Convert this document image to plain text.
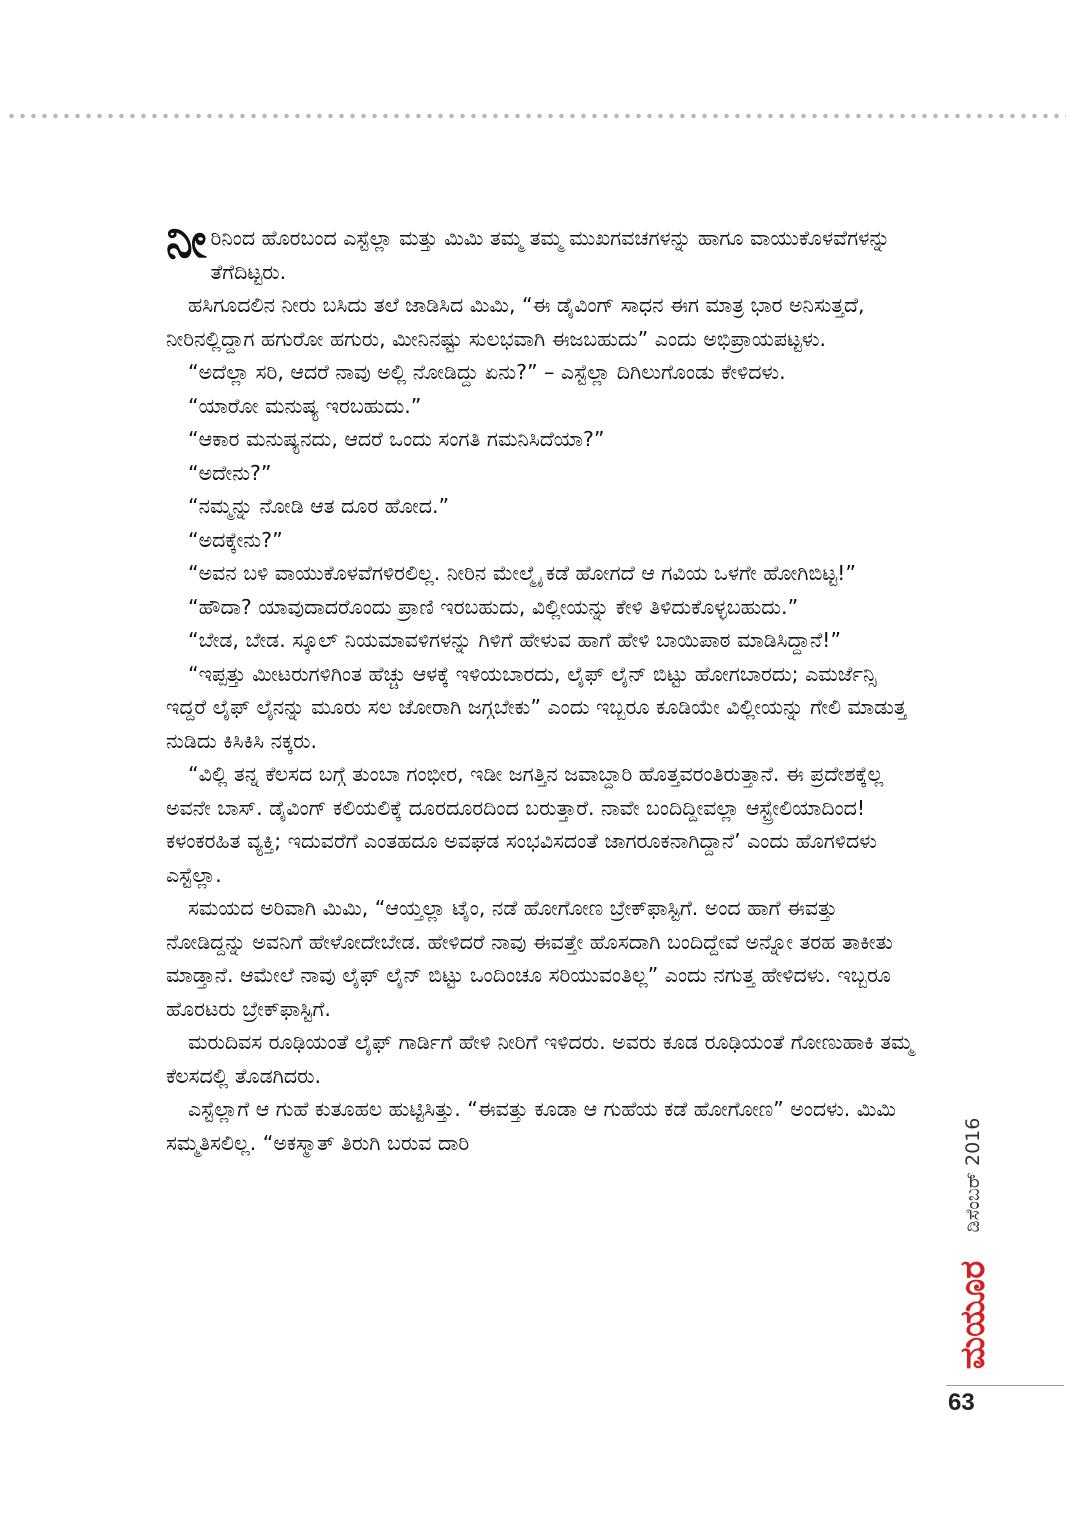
ನೀರಿನಿಂದ ಹೊರಬಂದ ಎಸ್ಟೆಲ್ಲಾ ಮತ್ತು ಮಿಮಿ ತಮ್ಮ ತಮ್ಮ ಮುಖಗವಚಗಳನ್ನು ಹಾಗೂ ವಾಯುಕೊಳವೆಗಳನ್ನು ತೆಗೆದಿಟ್ಟರು.

ಹಸಿಗೂದಲಿನ ನೀರು ಬಸಿದು ತಲೆ ಜಾಡಿಸಿದ ಮಿಮಿ, “ಈ ಡೈವಿಂಗ್ ಸಾಧನ ಈಗ ಮಾತ್ರ ಭಾರ ಅನಿಸುತ್ತದೆ, ನೀರಿನಲ್ಲಿದ್ದಾಗ ಹಗುರೋ ಹಗುರು, ಮೀನಿನಷ್ಟು ಸುಲಭವಾಗಿ ಈಜಬಹುದು” ಎಂದು ಅಭಿಪ್ರಾಯಪಟ್ಟಳು.

“ಅದೆಲ್ಲಾ ಸರಿ, ಆದರೆ ನಾವು ಅಲ್ಲಿ ನೋಡಿದ್ದು ಏನು?” – ಎಸ್ಟೆಲ್ಲಾ ದಿಗಿಲುಗೊಂಡು ಕೇಳಿದಳು.

“ಯಾರೋ ಮನುಷ್ಯ ಇರಬಹುದು.”

“ಆಕಾರ ಮನುಷ್ಯನದು, ಆದರೆ ಒಂದು ಸಂಗತಿ ಗಮನಿಸಿದೆಯಾ?”

“ಅದೇನು?”

“ನಮ್ಮನ್ನು ನೋಡಿ ಆತ ದೂರ ಹೋದ.”

“ಅದಕ್ಕೇನು?”

“ಅವನ ಬಳಿ ವಾಯುಕೊಳವೆಗಳಿರಲಿಲ್ಲ. ನೀರಿನ ಮೇಲ್ಮೈ ಕಡೆ ಹೋಗದೆ ಆ ಗವಿಯ ಒಳಗೇ ಹೋಗಿಬಿಟ್ಟ!”

“ಹೌದಾ? ಯಾವುದಾದರೊಂದು ಪ್ರಾಣಿ ಇರಬಹುದು, ವಿಲ್ಲೀಯನ್ನು ಕೇಳಿ ತಿಳಿದುಕೊಳ್ಳಬಹುದು.”

“ಬೇಡ, ಬೇಡ. ಸ್ಕೂಲ್ ನಿಯಮಾವಳಿಗಳನ್ನು ಗಿಳಿಗೆ ಹೇಳುವ ಹಾಗೆ ಹೇಳಿ ಬಾಯಿಪಾಠ ಮಾಡಿಸಿದ್ದಾನೆ!”

“ಇಪ್ಪತ್ತು ಮೀಟರುಗಳಿಗಿಂತ ಹೆಚ್ಚು ಆಳಕ್ಕೆ ಇಳಿಯಬಾರದು, ಲೈಫ್ ಲೈನ್ ಬಿಟ್ಟು ಹೋಗಬಾರದು; ಎಮರ್ಜೆನ್ಸಿ ಇದ್ದರೆ ಲೈಫ್ ಲೈನನ್ನು ಮೂರು ಸಲ ಜೋರಾಗಿ ಜಗ್ಗಬೇಕು” ಎಂದು ಇಬ್ಬರೂ ಕೂಡಿಯೇ ವಿಲ್ಲೀಯನ್ನು ಗೇಲಿ ಮಾಡುತ್ತ ನುಡಿದು ಕಿಸಿಕಿಸಿ ನಕ್ಕರು.

“ವಿಲ್ಲಿ ತನ್ನ ಕೆಲಸದ ಬಗ್ಗೆ ತುಂಬಾ ಗಂಭೀರ, ಇಡೀ ಜಗತ್ತಿನ ಜವಾಬ್ದಾರಿ ಹೊತ್ತವರಂತಿರುತ್ತಾನೆ. ಈ ಪ್ರದೇಶಕ್ಕೆಲ್ಲ ಅವನೇ ಬಾಸ್. ಡೈವಿಂಗ್ ಕಲಿಯಲಿಕ್ಕೆ ದೂರದೂರದಿಂದ ಬರುತ್ತಾರೆ. ನಾವೇ ಬಂದಿದ್ದೀವಲ್ಲಾ ಆಸ್ಟ್ರೇಲಿಯಾದಿಂದ! ಕಳಂಕರಹಿತ ವ್ಯಕ್ತಿ; ಇದುವರೆಗೆ ಎಂತಹದೂ ಅವಘಡ ಸಂಭವಿಸದಂತೆ ಜಾಗರೂಕನಾಗಿದ್ದಾನೆ’ ಎಂದು ಹೊಗಳಿದಳು ಎಸ್ಟೆಲ್ಲಾ.

ಸಮಯದ ಅರಿವಾಗಿ ಮಿಮಿ, “ಆಯ್ತಲ್ಲಾ ಟೈಂ, ನಡೆ ಹೋಗೋಣ ಬ್ರೇಕ್‌ಫಾಸ್ಟಿಗೆ. ಅಂದ ಹಾಗೆ ಈವತ್ತು ನೋಡಿದ್ದನ್ನು ಅವನಿಗೆ ಹೇಳೋದೇಬೇಡ. ಹೇಳಿದರೆ ನಾವು ಈವತ್ತೇ ಹೊಸದಾಗಿ ಬಂದಿದ್ದೇವೆ ಅನ್ನೋ ತರಹ ತಾಕೀತು ಮಾಡ್ತಾನೆ. ಆಮೇಲೆ ನಾವು ಲೈಫ್ ಲೈನ್ ಬಿಟ್ಟು ಒಂದಿಂಚೂ ಸರಿಯುವಂತಿಲ್ಲ” ಎಂದು ನಗುತ್ತ ಹೇಳಿದಳು. ಇಬ್ಬರೂ ಹೊರಟರು ಬ್ರೇಕ್‌ಫಾಸ್ಟಿಗೆ.

ಮರುದಿವಸ ರೂಢಿಯಂತೆ ಲೈಫ್ ಗಾರ್ಡಿಗೆ ಹೇಳಿ ನೀರಿಗೆ ಇಳಿದರು. ಅವರು ಕೂಡ ರೂಢಿಯಂತೆ ಗೋಣುಹಾಕಿ ತಮ್ಮ ಕೆಲಸದಲ್ಲಿ ತೊಡಗಿದರು.

ಎಸ್ಟೆಲ್ಲಾಗೆ ಆ ಗುಹೆ ಕುತೂಹಲ ಹುಟ್ಟಿಸಿತ್ತು. “ಈವತ್ತು ಕೂಡಾ ಆ ಗುಹೆಯ ಕಡೆ ಹೋಗೋಣ” ಅಂದಳು. ಮಿಮಿ ಸಮ್ಮತಿಸಲಿಲ್ಲ. “ಅಕಸ್ಮಾತ್ ತಿರುಗಿ ಬರುವ ದಾರಿ	ಡಿಸೆಂಬರ್ 2016
ಮಯೂರ
63
